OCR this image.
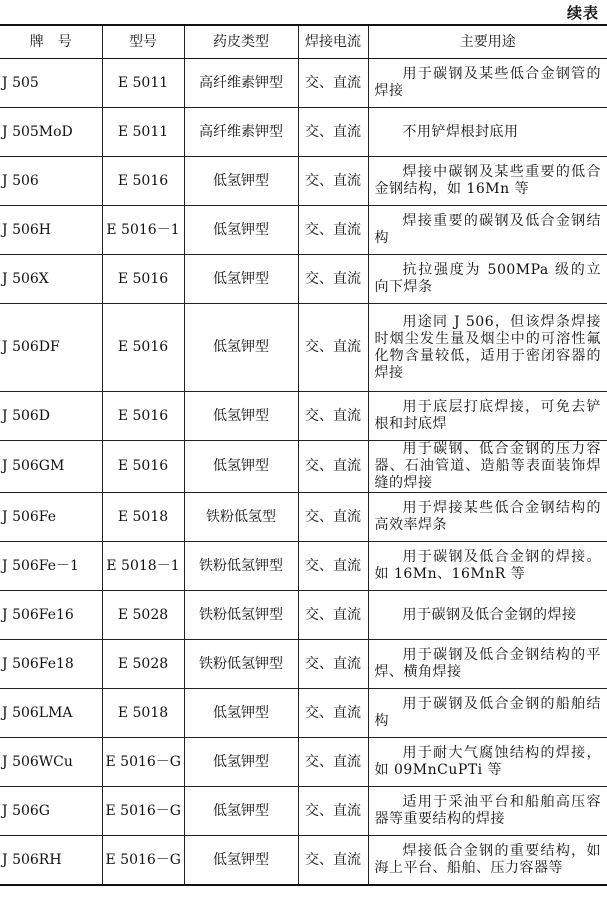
续表
牌　号	型号	药皮类型	焊接电流	主要用途
J 505	E 5011	高纤维素钾型	交、直流	用于碳钢及某些低合金钢管的焊接
J 505MoD	E 5011	高纤维素钾型	交、直流	不用铲焊根封底用
J 506	E 5016	低氢钾型	交、直流	焊接中碳钢及某些重要的低合金钢结构，如 16Mn 等
J 506H	E 5016－1	低氢钾型	交、直流	焊接重要的碳钢及低合金钢结构
J 506X	E 5016	低氢钾型	交、直流	抗拉强度为 500MPa 级的立向下焊条
J 506DF	E 5016	低氢钾型	交、直流	用途同 J 506，但该焊条焊接时烟尘发生量及烟尘中的可溶性氟化物含量较低，适用于密闭容器的焊接
J 506D	E 5016	低氢钾型	交、直流	用于底层打底焊接，可免去铲根和封底焊
J 506GM	E 5016	低氢钾型	交、直流	用于碳钢、低合金钢的压力容器、石油管道、造船等表面装饰焊缝的焊接
J 506Fe	E 5018	铁粉低氢型	交、直流	用于焊接某些低合金钢结构的高效率焊条
J 506Fe－1	E 5018－1	铁粉低氢钾型	交、直流	用于碳钢及低合金钢的焊接。如 16Mn、16MnR 等
J 506Fe16	E 5028	铁粉低氢钾型	交、直流	用于碳钢及低合金钢的焊接
J 506Fe18	E 5028	铁粉低氢钾型	交、直流	用于碳钢及低合金钢结构的平焊、横角焊接
J 506LMA	E 5018	低氢钾型	交、直流	用于碳钢及低合金钢的船舶结构
J 506WCu	E 5016－G	低氢钾型	交、直流	用于耐大气腐蚀结构的焊接，如 09MnCuPTi 等
J 506G	E 5016－G	低氢钾型	交、直流	适用于采油平台和船舶高压容器等重要结构的焊接
J 506RH	E 5016－G	低氢钾型	交、直流	焊接低合金钢的重要结构，如海上平台、船舶、压力容器等
